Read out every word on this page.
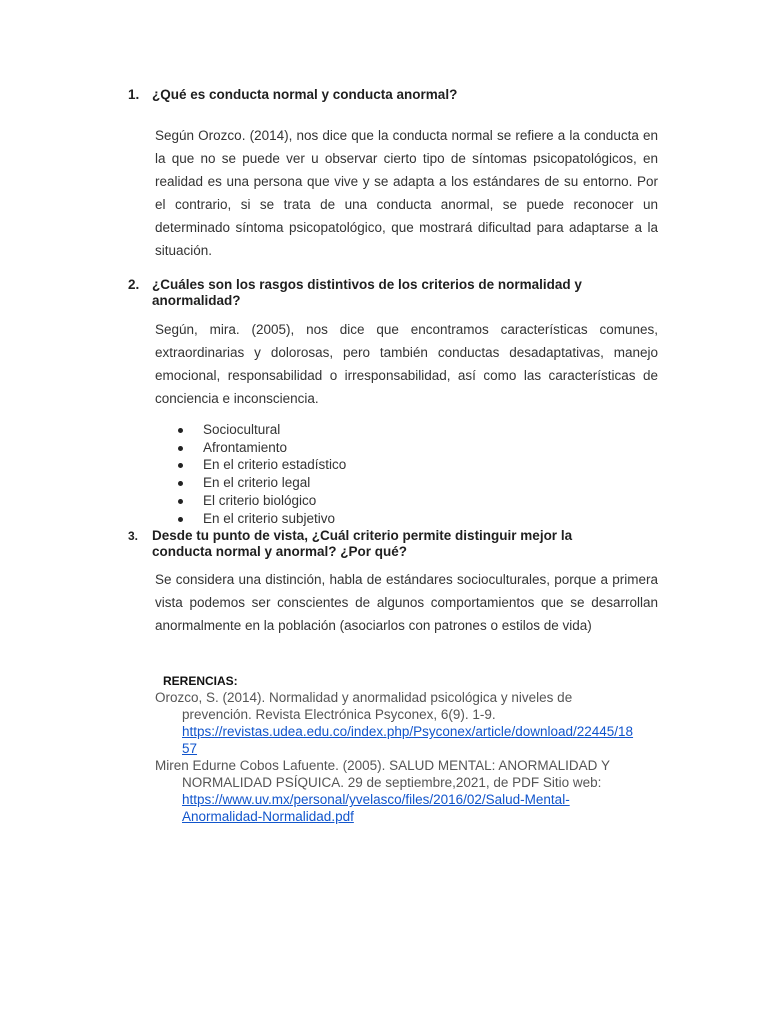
1. ¿Qué es conducta normal y conducta anormal?
Según Orozco. (2014), nos dice que la conducta normal se refiere a la conducta en la que no se puede ver u observar cierto tipo de síntomas psicopatológicos, en realidad es una persona que vive y se adapta a los estándares de su entorno. Por el contrario, si se trata de una conducta anormal, se puede reconocer un determinado síntoma psicopatológico, que mostrará dificultad para adaptarse a la situación.
2. ¿Cuáles son los rasgos distintivos de los criterios de normalidad y
anormalidad?
Según, mira. (2005), nos dice que encontramos características comunes, extraordinarias y dolorosas, pero también conductas desadaptativas, manejo emocional, responsabilidad o irresponsabilidad, así como las características de conciencia e inconsciencia.
Sociocultural
Afrontamiento
En el criterio estadístico
En el criterio legal
El criterio biológico
En el criterio subjetivo
3. Desde tu punto de vista, ¿Cuál criterio permite distinguir mejor la
conducta normal y anormal? ¿Por qué?
Se considera una distinción, habla de estándares socioculturales, porque a primera vista podemos ser conscientes de algunos comportamientos que se desarrollan anormalmente en la población (asociarlos con patrones o estilos de vida)
RERENCIAS:
Orozco, S. (2014). Normalidad y anormalidad psicológica y niveles de
prevención. Revista Electrónica Psyconex, 6(9). 1-9.
https://revistas.udea.edu.co/index.php/Psyconex/article/download/22445/18
57
Miren Edurne Cobos Lafuente. (2005). SALUD MENTAL: ANORMALIDAD Y
NORMALIDAD PSÍQUICA. 29 de septiembre,2021, de PDF Sitio web:
https://www.uv.mx/personal/yvelasco/files/2016/02/Salud-Mental-
Anormalidad-Normalidad.pdf
